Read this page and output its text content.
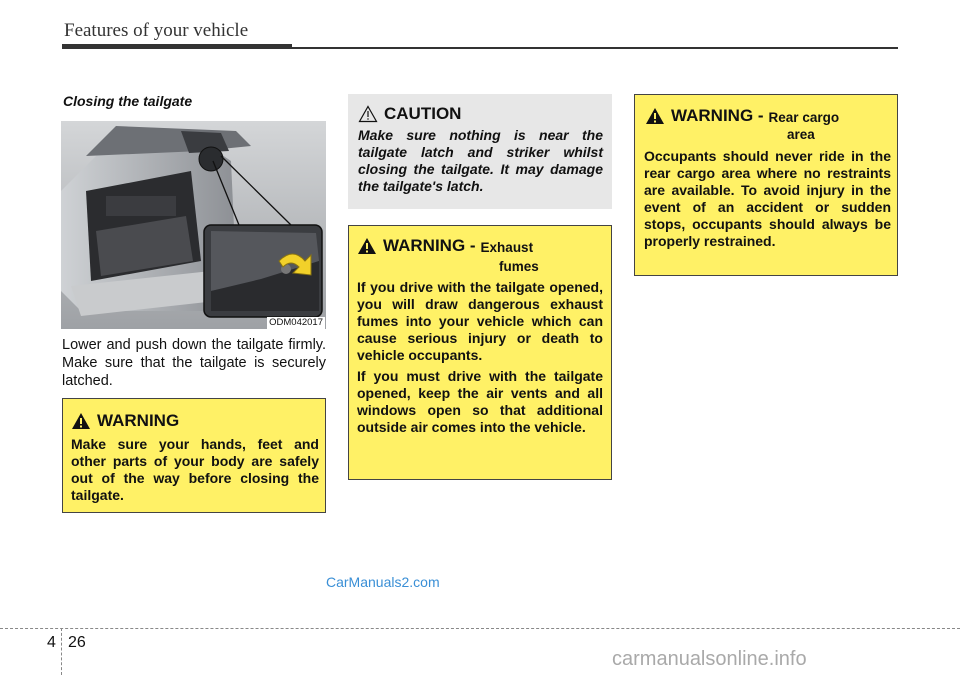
Features of your vehicle
Closing the tailgate
ODM042017
Lower and push down the tailgate firmly. Make sure that the tailgate is securely latched.
WARNING
Make sure your hands, feet and other parts of your body are safely out of the way before closing the tailgate.
CAUTION
Make sure nothing is near the tailgate latch and striker whilst closing the tailgate. It may damage the tailgate's latch.
WARNING - Exhaust
fumes

If you drive with the tailgate opened, you will draw dangerous exhaust fumes into your vehicle which can cause serious injury or death to vehicle occupants.

If you must drive with the tailgate opened, keep the air vents and all windows open so that additional outside air comes into the vehicle.

WARNING - Rear cargo
area
Occupants should never ride in the rear cargo area where no restraints are available. To avoid injury in the event of an accident or sudden stops, occupants should always be properly restrained.
CarManuals2.com
4 26
carmanualsonline.info
